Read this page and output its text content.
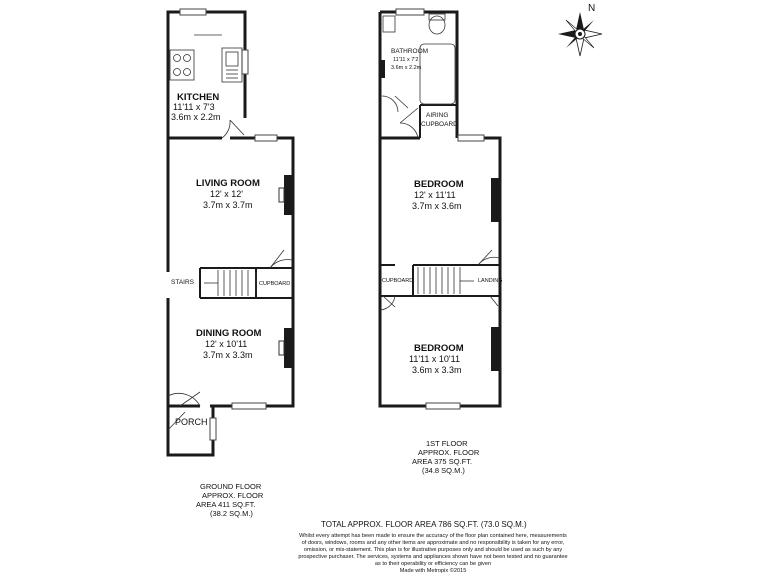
N
KITCHEN
11'11 x 7'3
3.6m x 2.2m
LIVING ROOM
12' x 12'
3.7m x 3.7m
STAIRS	CUPBOARD
DINING ROOM
12' x 10'11
3.7m x 3.3m
PORCH
GROUND FLOOR
APPROX. FLOOR
AREA 411 SQ.FT.
(38.2 SQ.M.)
BATHROOM
11'11 x 7'2
3.6m x 2.2m
AIRING
CUPBOARD
BEDROOM
12' x 11'11
3.7m x 3.6m
CUPBOARD	LANDING
BEDROOM
11'11 x 10'11
3.6m x 3.3m
1ST FLOOR
APPROX. FLOOR
AREA 375 SQ.FT.
(34.8 SQ.M.)
TOTAL APPROX. FLOOR AREA 786 SQ.FT. (73.0 SQ.M.)
Whilst every attempt has been made to ensure the accuracy of the floor plan contained here, measurements
of doors, windows, rooms and any other items are approximate and no responsibility is taken for any error,
omission, or mis-statement. This plan is for illustrative purposes only and should be used as such by any
prospective purchaser. The services, systems and appliances shown have not been tested and no guarantee
as to their operability or efficiency can be given
Made with Metropix ©2015
